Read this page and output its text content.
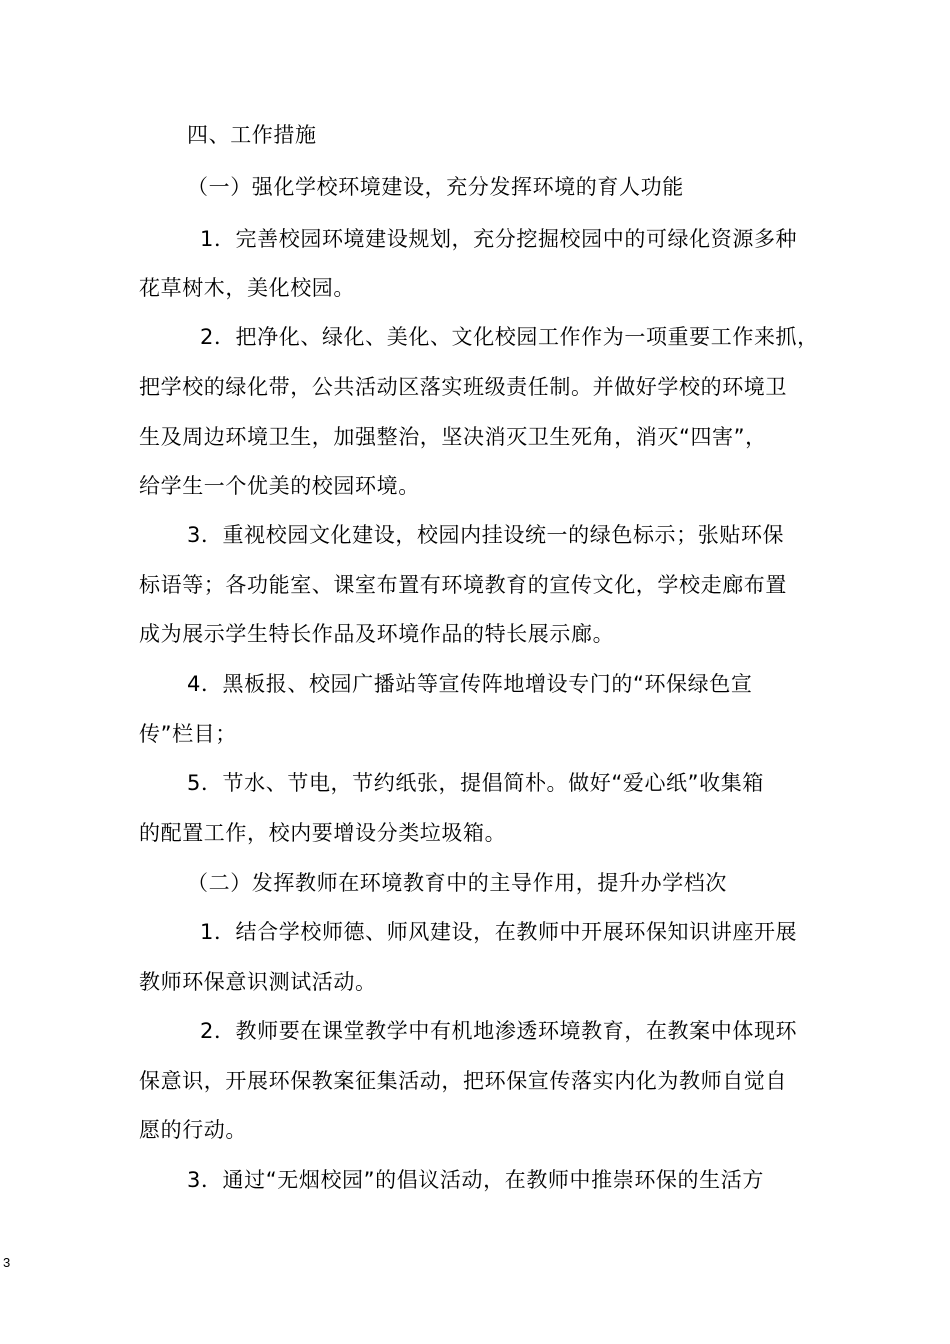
四、工作措施
（一）强化学校环境建设，充分发挥环境的育人功能
1．完善校园环境建设规划，充分挖掘校园中的可绿化资源多种
花草树木，美化校园。
2．把净化、绿化、美化、文化校园工作作为一项重要工作来抓，
把学校的绿化带，公共活动区落实班级责任制。并做好学校的环境卫
生及周边环境卫生，加强整治，坚决消灭卫生死角，消灭“四害”，
给学生一个优美的校园环境。
3．重视校园文化建设，校园内挂设统一的绿色标示；张贴环保
标语等；各功能室、课室布置有环境教育的宣传文化，学校走廊布置
成为展示学生特长作品及环境作品的特长展示廊。
4．黑板报、校园广播站等宣传阵地增设专门的“环保绿色宣
传”栏目；
5．节水、节电，节约纸张，提倡简朴。做好“爱心纸”收集箱
的配置工作，校内要增设分类垃圾箱。
（二）发挥教师在环境教育中的主导作用，提升办学档次
1．结合学校师德、师风建设，在教师中开展环保知识讲座开展
教师环保意识测试活动。
2．教师要在课堂教学中有机地渗透环境教育，在教案中体现环
保意识，开展环保教案征集活动，把环保宣传落实内化为教师自觉自
愿的行动。
3．通过“无烟校园”的倡议活动，在教师中推崇环保的生活方
3
